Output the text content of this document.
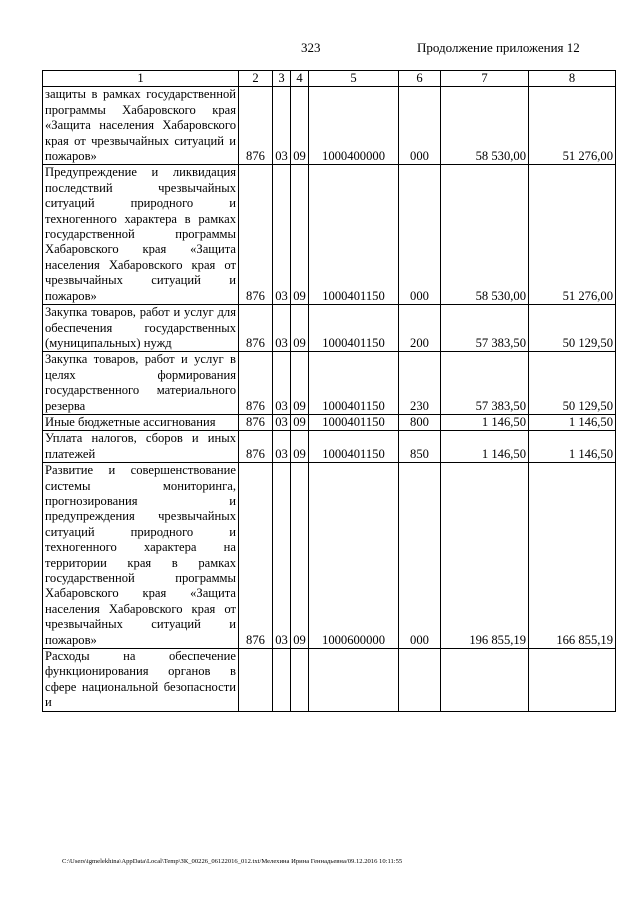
323	Продолжение приложения 12
1	2	3	4	5	6	7	8
защиты в рамках государственной программы Хабаровского края «Защита населения Хабаровского края от чрезвычайных ситуаций и пожаров»	876	03	09	1000400000	000	58 530,00	51 276,00
Предупреждение и ликвидация последствий чрезвычайных ситуаций природного и техногенного характера в рамках государственной программы Хабаровского края «Защита населения Хабаровского края от чрезвычайных ситуаций и пожаров»	876	03	09	1000401150	000	58 530,00	51 276,00
Закупка товаров, работ и услуг для обеспечения государственных (муниципальных) нужд	876	03	09	1000401150	200	57 383,50	50 129,50
Закупка товаров, работ и услуг в целях формирования государственного материального резерва	876	03	09	1000401150	230	57 383,50	50 129,50
Иные бюджетные ассигнования	876	03	09	1000401150	800	1 146,50	1 146,50
Уплата налогов, сборов и иных платежей	876	03	09	1000401150	850	1 146,50	1 146,50
Развитие и совершенствование системы мониторинга, прогнозирования и предупреждения чрезвычайных ситуаций природного и техногенного характера на территории края в рамках государственной программы Хабаровского края «Защита населения Хабаровского края от чрезвычайных ситуаций и пожаров»	876	03	09	1000600000	000	196 855,19	166 855,19
Расходы на обеспечение функционирования органов в сфере национальной безопасности и							
C:\Users\igmelekhina\AppData\Local\Temp\ЗК_00226_06122016_012.txt/Мелехина Ирина Геннадьевна/09.12.2016 10:11:55
